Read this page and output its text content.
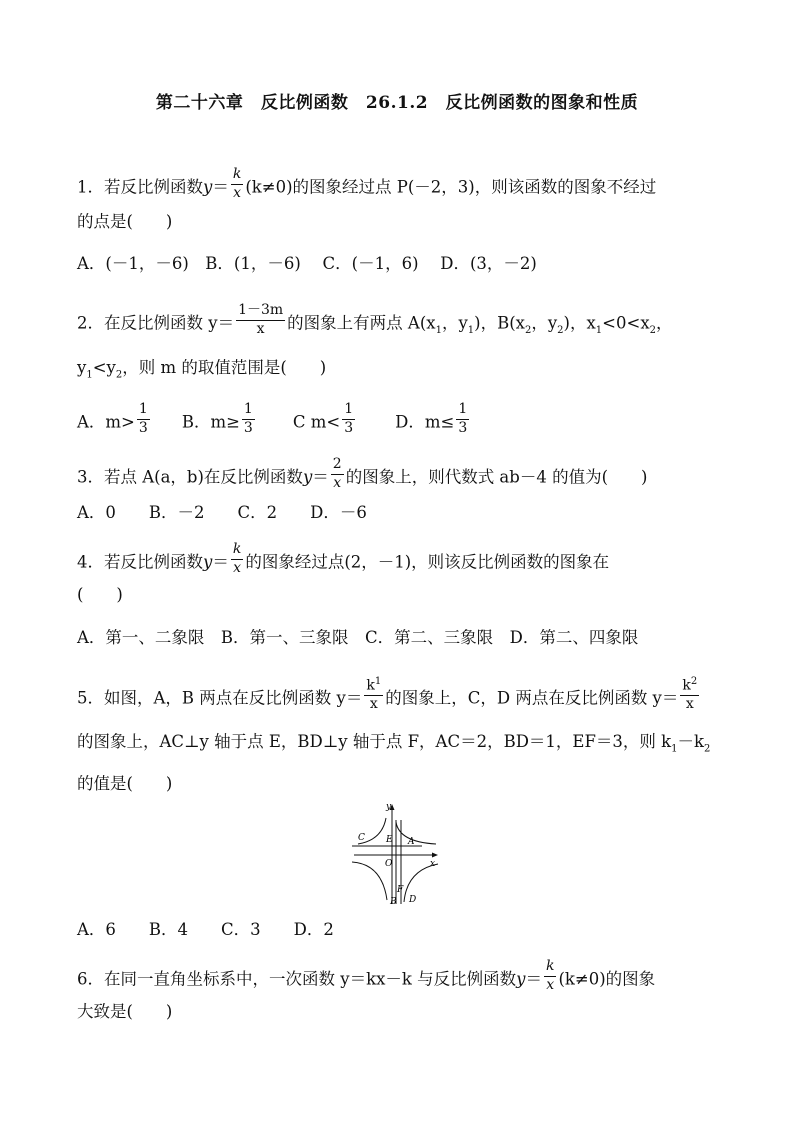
第二十六章　反比例函数　26.1.2　反比例函数的图象和性质
1．若反比例函数$y= \frac{k}{x} (k\ne 0)$的图象经过点 P(－2，3)，则该函数的图象不经过
的点是(　　)
A．(－1，－6)　B．(1，－6)　 C．(－1，6)　 D．(3，－2)
2．在反比例函数 $y= \frac{1-3m}{x}$ 的图象上有两点 $A(x_1$，$y_1$)，$B(x_2$，$y_2$)，$x_1<0<x_2$，
$y_1<y_2$，则 m 的取值范围是(　　)
A．$m> \frac{1}{3}$ B．$m\ge \frac{1}{3}$ C $m< \frac{1}{3}$ D．$m\le \frac{1}{3}$
3．若点 A(a，b)在反比例函数$y= \frac{2}{x}$ 的图象上，则代数式 ab－4 的值为(　　)
A．0　　B．－2　　C．2　　D．－6
4．若反比例函数$y= \frac{k}{x}$ 的图象经过点(2，－1)，则该反比例函数的图象在
(　　)
A．第一、二象限　B．第一、三象限　C．第二、三象限　D．第二、四象限
5．如图，A，B 两点在反比例函数 $y= \frac{k^1}{x}$ 的图象上，C，D 两点在反比例函数 $y= \frac{k^2}{x}$
的图象上，AC⊥y 轴于点 E，BD⊥y 轴于点 F，AC＝2，BD＝1，EF＝3，则 $k_1-k_2$
的值是(　　)
y
x
O
A
C E
F
B D
A．6　　B．4　　C．3　　D．2
6．在同一直角坐标系中，一次函数 y＝kx－k 与反比例函数$y= \frac{k}{x} (k\ne 0)$的图象
大致是(　　)
